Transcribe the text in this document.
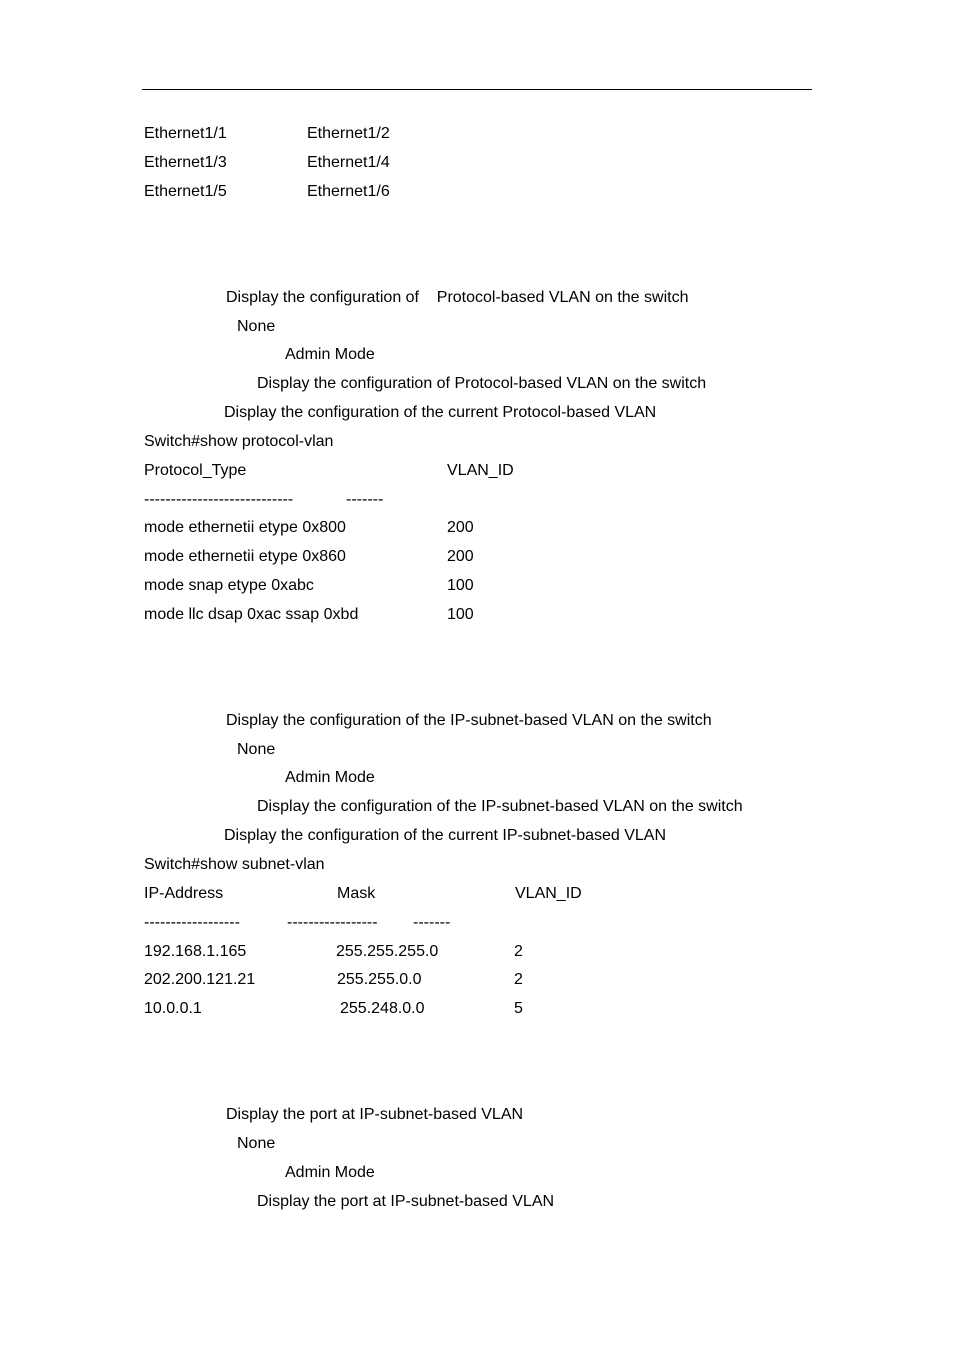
Ethernet1/1	Ethernet1/2
Ethernet1/3	Ethernet1/4
Ethernet1/5	Ethernet1/6
Display the configuration of    Protocol-based VLAN on the switch
None
Admin Mode
Display the configuration of Protocol-based VLAN on the switch
Display the configuration of the current Protocol-based VLAN
Switch#show protocol-vlan
Protocol_Type	VLAN_ID
----------------------------	-------
mode ethernetii etype 0x800	200
mode ethernetii etype 0x860	200
mode snap etype 0xabc	100
mode llc dsap 0xac ssap 0xbd	100
Display the configuration of the IP-subnet-based VLAN on the switch
None
Admin Mode
Display the configuration of the IP-subnet-based VLAN on the switch
Display the configuration of the current IP-subnet-based VLAN
Switch#show subnet-vlan
IP-Address	Mask	VLAN_ID
------------------	----------------- -------
192.168.1.165	255.255.255.0	2
202.200.121.21	255.255.0.0	2
10.0.0.1	255.248.0.0	5
Display the port at IP-subnet-based VLAN
None
Admin Mode
Display the port at IP-subnet-based VLAN
